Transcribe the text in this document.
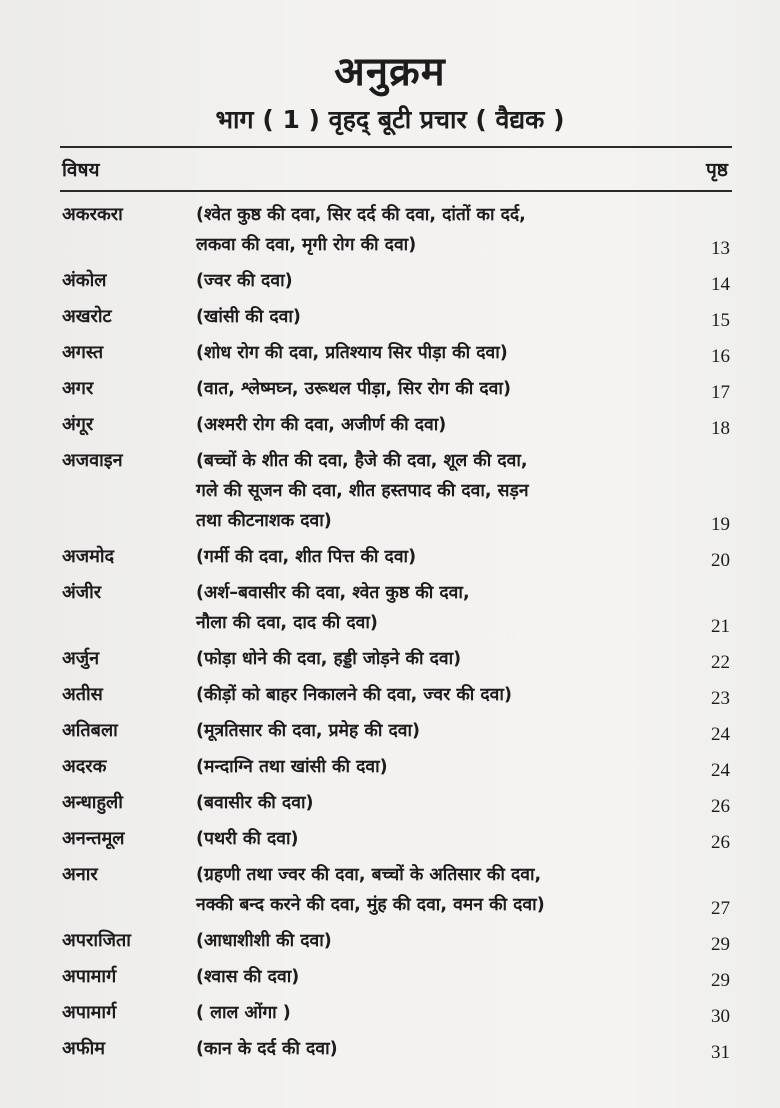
अनुक्रम
भाग ( 1 ) वृहद् बूटी प्रचार ( वैद्यक )
विषय	पृष्ठ
अकरकरा	(श्वेत कुष्ठ की दवा, सिर दर्द की दवा, दांतों का दर्द,
लकवा की दवा, मृगी रोग की दवा)	13
अंकोल	(ज्वर की दवा)	14
अखरोट	(खांसी की दवा)	15
अगस्त	(शोध रोग की दवा, प्रतिश्याय सिर पीड़ा की दवा)	16
अगर	(वात, श्लेष्मघ्न, उरूथल पीड़ा, सिर रोग की दवा)	17
अंगूर	(अश्मरी रोग की दवा, अजीर्ण की दवा)	18
अजवाइन	(बच्चों के शीत की दवा, हैजे की दवा, शूल की दवा,
गले की सूजन की दवा, शीत हस्तपाद की दवा, सड़न
तथा कीटनाशक दवा)	19
अजमोद	(गर्मी की दवा, शीत पित्त की दवा)	20
अंजीर	(अर्श–बवासीर की दवा, श्वेत कुष्ठ की दवा,
नौला की दवा, दाद की दवा)	21
अर्जुन	(फोड़ा धोने की दवा, हड्डी जोड़ने की दवा)	22
अतीस	(कीड़ों को बाहर निकालने की दवा, ज्वर की दवा)	23
अतिबला	(मूत्रतिसार की दवा, प्रमेह की दवा)	24
अदरक	(मन्दाग्नि तथा खांसी की दवा)	24
अन्धाहुली	(बवासीर की दवा)	26
अनन्तमूल	(पथरी की दवा)	26
अनार	(ग्रहणी तथा ज्वर की दवा, बच्चों के अतिसार की दवा,
नक्की बन्द करने की दवा, मुंह की दवा, वमन की दवा)	27
अपराजिता	(आधाशीशी की दवा)	29
अपामार्ग	(श्वास की दवा)	29
अपामार्ग	( लाल ओंगा )	30
अफीम	(कान के दर्द की दवा)	31
